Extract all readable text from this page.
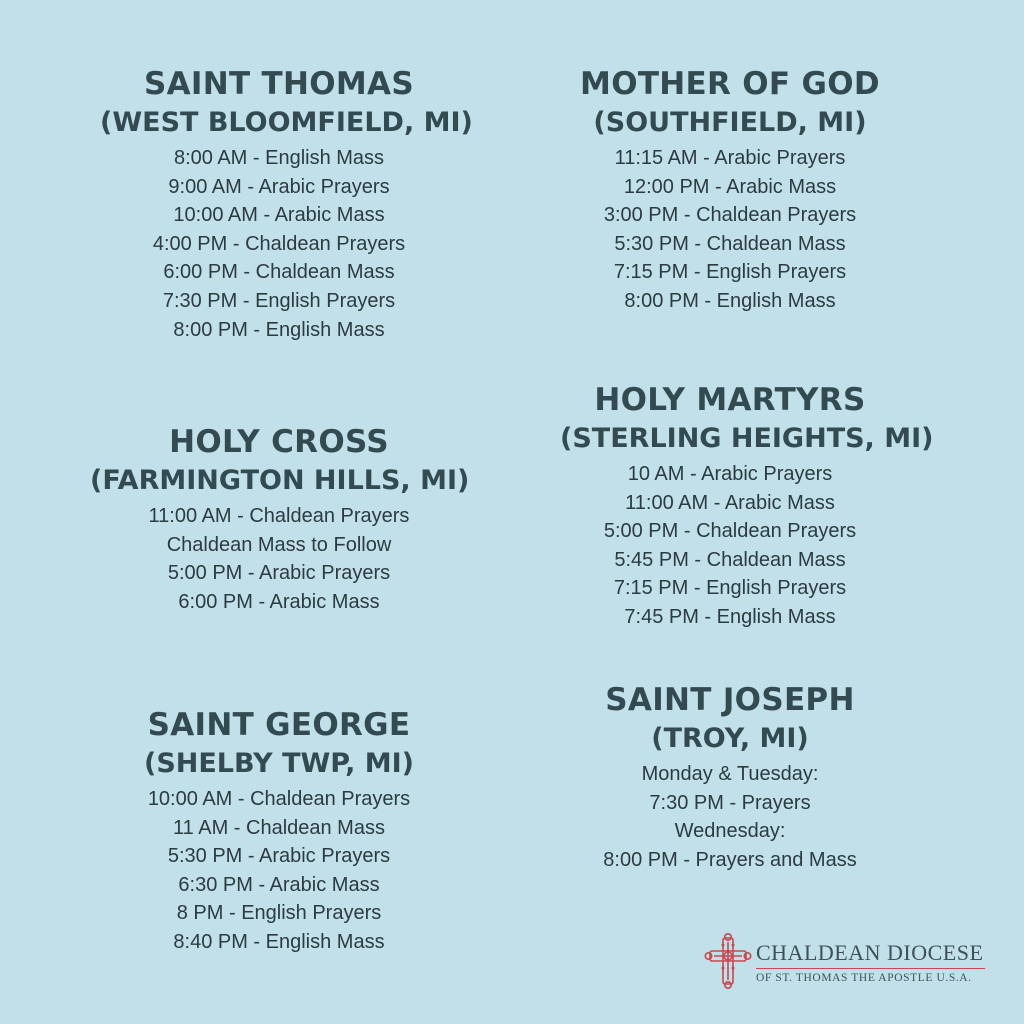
SAINT THOMAS
(WEST BLOOMFIELD, MI)
8:00 AM - English Mass
9:00 AM - Arabic Prayers
10:00 AM - Arabic Mass
4:00 PM - Chaldean Prayers
6:00 PM - Chaldean Mass
7:30 PM - English Prayers
8:00 PM - English Mass
MOTHER OF GOD
(SOUTHFIELD, MI)
11:15 AM - Arabic Prayers
12:00 PM - Arabic Mass
3:00 PM - Chaldean Prayers
5:30 PM - Chaldean Mass
7:15 PM - English Prayers
8:00 PM - English Mass
HOLY CROSS
(FARMINGTON HILLS, MI)
11:00 AM - Chaldean Prayers
Chaldean Mass to Follow
5:00 PM - Arabic Prayers
6:00 PM - Arabic Mass
HOLY MARTYRS
(STERLING HEIGHTS, MI)
10 AM - Arabic Prayers
11:00 AM - Arabic Mass
5:00 PM - Chaldean Prayers
5:45 PM - Chaldean Mass
7:15 PM - English Prayers
7:45 PM - English Mass
SAINT GEORGE
(SHELBY TWP, MI)
10:00 AM - Chaldean Prayers
11 AM - Chaldean Mass
5:30 PM - Arabic Prayers
6:30 PM - Arabic Mass
8 PM - English Prayers
8:40 PM - English Mass
SAINT JOSEPH
(TROY, MI)
Monday & Tuesday:
7:30 PM - Prayers
Wednesday:
8:00 PM - Prayers and Mass
CHALDEAN DIOCESE
OF ST. THOMAS THE APOSTLE U.S.A.
